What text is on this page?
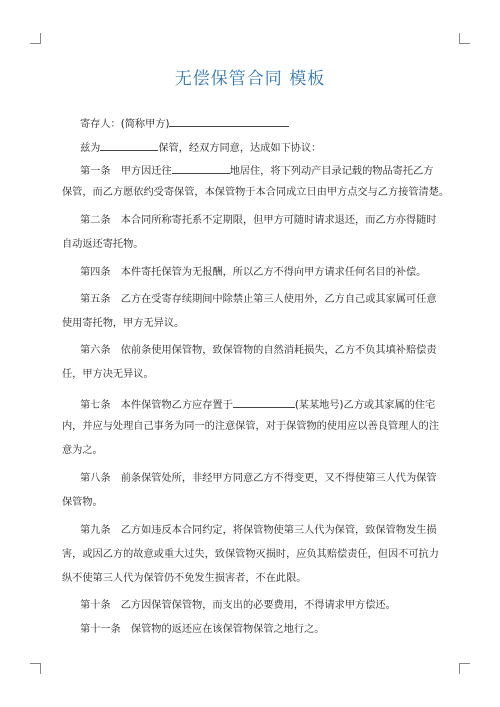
无偿保管合同 模板
寄存人：(简称甲方)
兹为	保管，经双方同意，达成如下协议：
第一条　甲方因迁往	地居住，将下列动产目录记载的物品寄托乙方
保管，而乙方愿依约受寄保管，本保管物于本合同成立日由甲方点交与乙方接管清楚。
第二条　本合同所称寄托系不定期限，但甲方可随时请求退还，而乙方亦得随时
自动返还寄托物。
第四条　本件寄托保管为无报酬，所以乙方不得向甲方请求任何名目的补偿。
第五条　乙方在受寄存续期间中除禁止第三人使用外，乙方自己或其家属可任意
使用寄托物，甲方无异议。
第六条　依前条使用保管物，致保管物的自然消耗损失，乙方不负其填补赔偿责
任，甲方决无异议。
第七条　本件保管物乙方应存置于	(某某地号)乙方或其家属的住宅
内，并应与处理自己事务为同一的注意保管，对于保管物的使用应以善良管理人的注
意为之。
第八条　前条保管处所，非经甲方同意乙方不得变更，又不得使第三人代为保管
保管物。
第九条　乙方如违反本合同约定，将保管物使第三人代为保管，致保管物发生损
害，或因乙方的故意或重大过失，致保管物灭损时，应负其赔偿责任，但因不可抗力
纵不使第三人代为保管仍不免发生损害者，不在此限。
第十条　乙方因保管保管物，而支出的必要费用，不得请求甲方偿还。
第十一条　保管物的返还应在该保管物保管之地行之。
